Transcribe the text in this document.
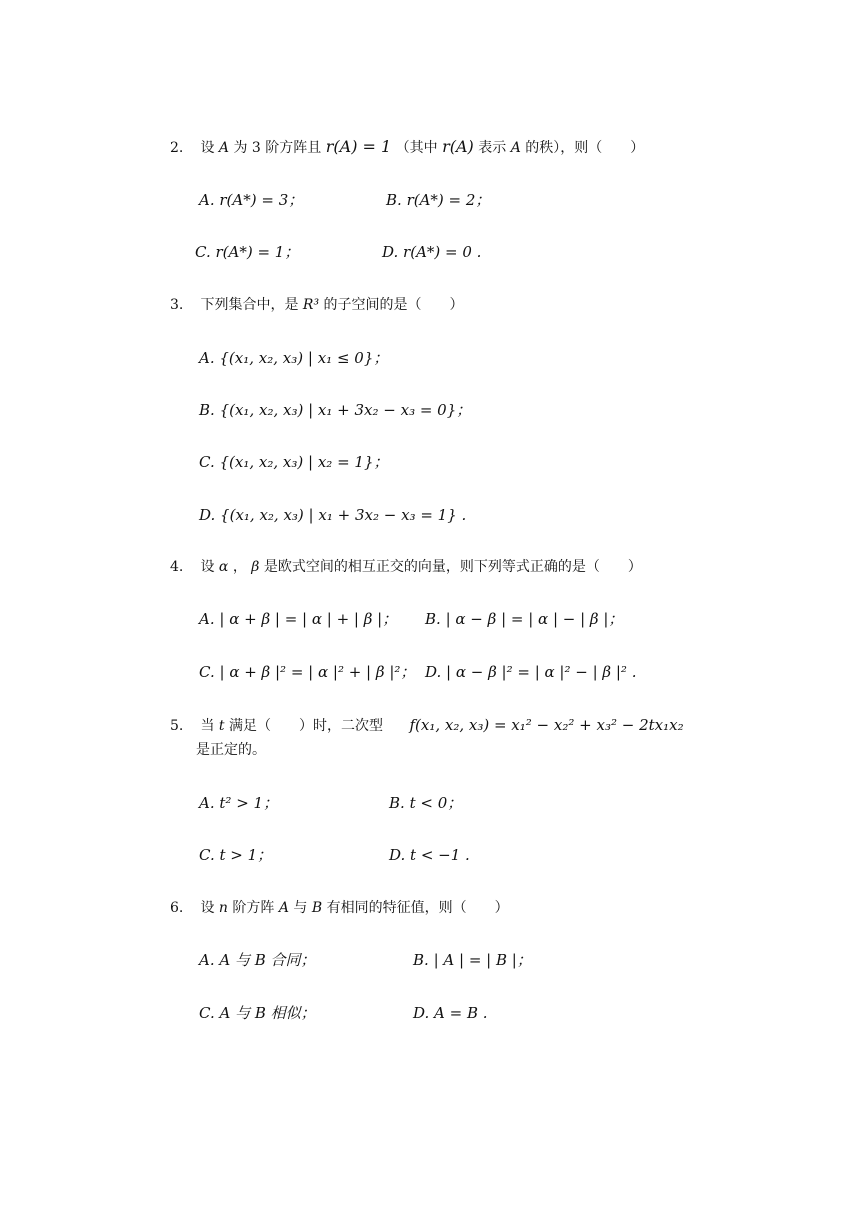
2. 设 A 为 3 阶方阵且 r(A) = 1 （其中 r(A) 表示 A 的秩），则（　　）
A. r(A*) = 3；	B. r(A*) = 2；
C. r(A*) = 1；	D. r(A*) = 0 .
3. 下列集合中，是 R³ 的子空间的是（　　）
A. {(x₁, x₂, x₃) | x₁ ≤ 0}；
B. {(x₁, x₂, x₃) | x₁ + 3x₂ − x₃ = 0}；
C. {(x₁, x₂, x₃) | x₂ = 1}；
D. {(x₁, x₂, x₃) | x₁ + 3x₂ − x₃ = 1} .
4. 设 α ， β 是欧式空间的相互正交的向量，则下列等式正确的是（　　）
A. | α + β | = | α | + | β |； B. | α − β | = | α | − | β |；
C. | α + β |² = | α |² + | β |²； D. | α − β |² = | α |² − | β |² .
5. 当 t 满足（　　）时，二次型 f(x₁, x₂, x₃) = x₁² − x₂² + x₃² − 2tx₁x₂
是正定的。
A. t² > 1；	B. t < 0；
C. t > 1；	D. t < −1 .
6. 设 n 阶方阵 A 与 B 有相同的特征值，则（　　）
A. A 与 B 合同；	B. | A | = | B |；
C. A 与 B 相似；	D. A = B .
